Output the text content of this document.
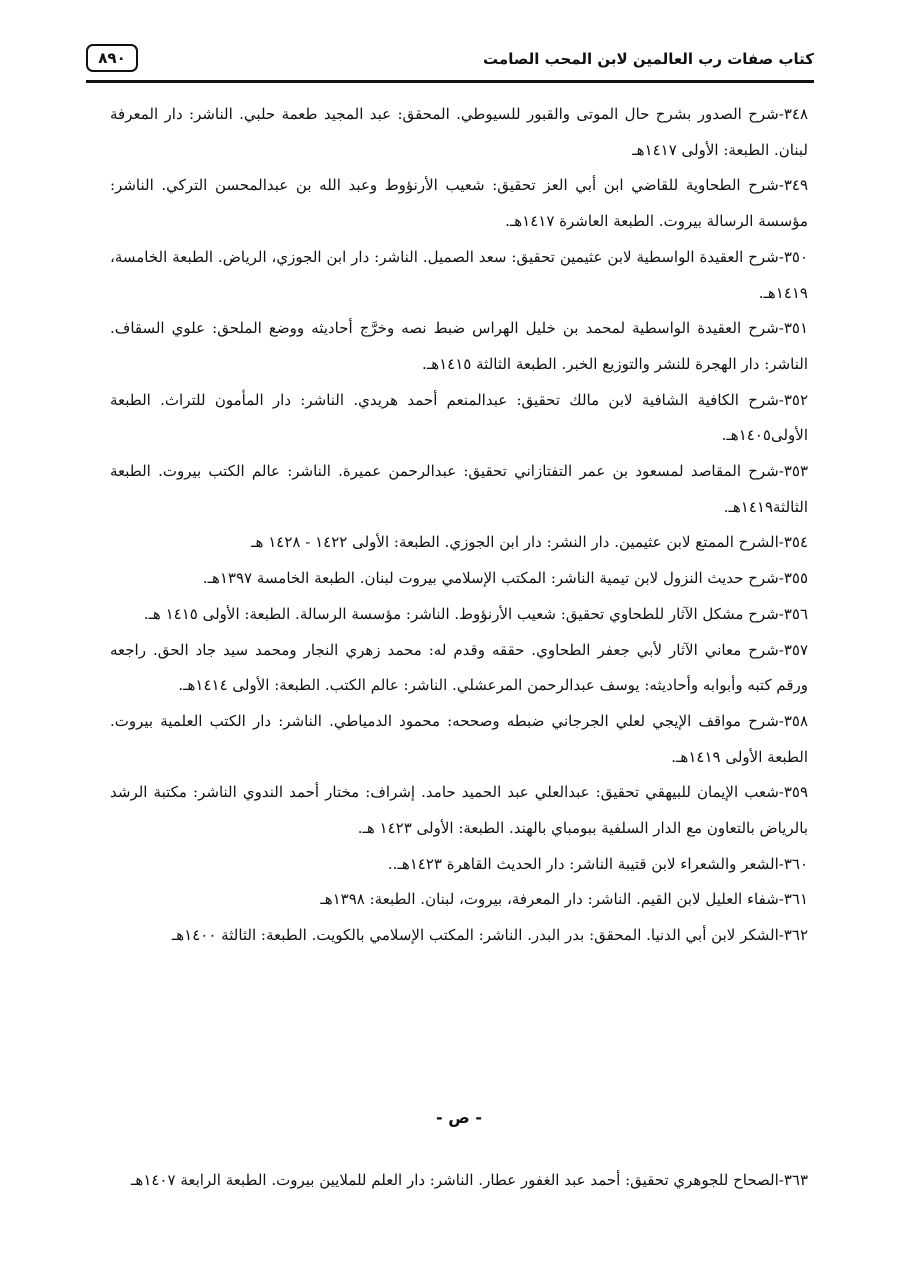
كتاب صفات رب العالمين لابن المحب الصامت
٨٩٠

٣٤٨-شرح الصدور بشرح حال الموتى والقبور للسيوطي. المحقق: عبد المجيد طعمة حلبي. الناشر: دار المعرفة لبنان. الطبعة: الأولى ١٤١٧هـ

٣٤٩-شرح الطحاوية للقاضي ابن أبي العز تحقيق: شعيب الأرنؤوط وعبد الله بن عبدالمحسن التركي. الناشر: مؤسسة الرسالة بيروت. الطبعة العاشرة ١٤١٧هـ.

٣٥٠-شرح العقيدة الواسطية لابن عثيمين تحقيق: سعد الصميل. الناشر: دار ابن الجوزي، الرياض. الطبعة الخامسة، ١٤١٩هـ.

٣٥١-شرح العقيدة الواسطية لمحمد بن خليل الهراس ضبط نصه وخرَّج أحاديثه ووضع الملحق: علوي السقاف. الناشر: دار الهجرة للنشر والتوزيع الخبر. الطبعة الثالثة ١٤١٥هـ.

٣٥٢-شرح الكافية الشافية لابن مالك تحقيق: عبدالمنعم أحمد هريدي. الناشر: دار المأمون للتراث. الطبعة الأولى١٤٠٥هـ.

٣٥٣-شرح المقاصد لمسعود بن عمر التفتازاني تحقيق: عبدالرحمن عميرة. الناشر: عالم الكتب بيروت. الطبعة الثالثة١٤١٩هـ.

٣٥٤-الشرح الممتع لابن عثيمين. دار النشر: دار ابن الجوزي. الطبعة: الأولى ١٤٢٢ - ١٤٢٨ هـ

٣٥٥-شرح حديث النزول لابن تيمية الناشر: المكتب الإسلامي بيروت لبنان. الطبعة الخامسة ١٣٩٧هـ.

٣٥٦-شرح مشكل الآثار للطحاوي تحقيق: شعيب الأرنؤوط. الناشر: مؤسسة الرسالة. الطبعة: الأولى ١٤١٥ هـ.

٣٥٧-شرح معاني الآثار لأبي جعفر الطحاوي. حققه وقدم له: محمد زهري النجار ومحمد سيد جاد الحق. راجعه ورقم كتبه وأبوابه وأحاديثه: يوسف عبدالرحمن المرعشلي. الناشر: عالم الكتب. الطبعة: الأولى ١٤١٤هـ.

٣٥٨-شرح مواقف الإيجي لعلي الجرجاني ضبطه وصححه: محمود الدمياطي. الناشر: دار الكتب العلمية بيروت. الطبعة الأولى ١٤١٩هـ.

٣٥٩-شعب الإيمان للبيهقي تحقيق: عبدالعلي عبد الحميد حامد. إشراف: مختار أحمد الندوي الناشر: مكتبة الرشد بالرياض بالتعاون مع الدار السلفية ببومباي بالهند. الطبعة: الأولى ١٤٢٣ هـ.

٣٦٠-الشعر والشعراء لابن قتيبة الناشر: دار الحديث القاهرة ١٤٢٣هـ..

٣٦١-شفاء العليل لابن القيم. الناشر: دار المعرفة، بيروت، لبنان. الطبعة: ١٣٩٨هـ

٣٦٢-الشكر لابن أبي الدنيا. المحقق: بدر البدر. الناشر: المكتب الإسلامي بالكويت. الطبعة: الثالثة ١٤٠٠هـ

- ص -

٣٦٣-الصحاح للجوهري تحقيق: أحمد عبد الغفور عطار. الناشر: دار العلم للملايين بيروت. الطبعة الرابعة ١٤٠٧هـ
